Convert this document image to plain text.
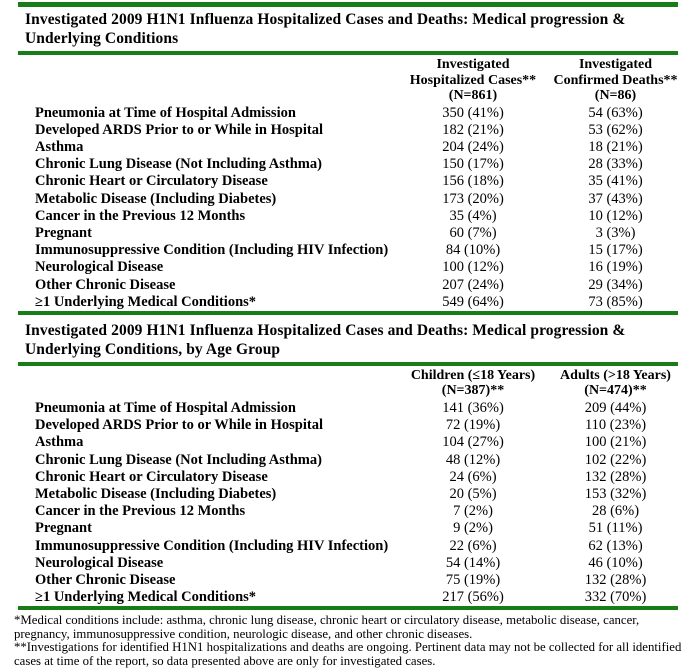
Investigated 2009 H1N1 Influenza Hospitalized Cases and Deaths: Medical progression & Underlying Conditions
Investigated
Hospitalized Cases**
(N=861)
Investigated
Confirmed Deaths**
(N=86)
Pneumonia at Time of Hospital Admission	350 (41%)	54 (63%)
Developed ARDS Prior to or While in Hospital	182 (21%)	53 (62%)
Asthma	204 (24%)	18 (21%)
Chronic Lung Disease (Not Including Asthma)	150 (17%)	28 (33%)
Chronic Heart or Circulatory Disease	156 (18%)	35 (41%)
Metabolic Disease (Including Diabetes)	173 (20%)	37 (43%)
Cancer in the Previous 12 Months	35 (4%)	10 (12%)
Pregnant	60 (7%)	3 (3%)
Immunosuppressive Condition (Including HIV Infection)	84 (10%)	15 (17%)
Neurological Disease	100 (12%)	16 (19%)
Other Chronic Disease	207 (24%)	29 (34%)
≥1 Underlying Medical Conditions*	549 (64%)	73 (85%)
Investigated 2009 H1N1 Influenza Hospitalized Cases and Deaths: Medical progression & Underlying Conditions, by Age Group
Children (≤18 Years)
(N=387)**
Adults (>18 Years)
(N=474)**
Pneumonia at Time of Hospital Admission	141 (36%)	209 (44%)
Developed ARDS Prior to or While in Hospital	72 (19%)	110 (23%)
Asthma	104 (27%)	100 (21%)
Chronic Lung Disease (Not Including Asthma)	48 (12%)	102 (22%)
Chronic Heart or Circulatory Disease	24 (6%)	132 (28%)
Metabolic Disease (Including Diabetes)	20 (5%)	153 (32%)
Cancer in the Previous 12 Months	7 (2%)	28 (6%)
Pregnant	9 (2%)	51 (11%)
Immunosuppressive Condition (Including HIV Infection)	22 (6%)	62 (13%)
Neurological Disease	54 (14%)	46 (10%)
Other Chronic Disease	75 (19%)	132 (28%)
≥1 Underlying Medical Conditions*	217 (56%)	332 (70%)
*Medical conditions include: asthma, chronic lung disease, chronic heart or circulatory disease, metabolic disease, cancer, pregnancy, immunosuppressive condition, neurologic disease, and other chronic diseases.
**Investigations for identified H1N1 hospitalizations and deaths are ongoing. Pertinent data may not be collected for all identified cases at time of the report, so data presented above are only for investigated cases.
